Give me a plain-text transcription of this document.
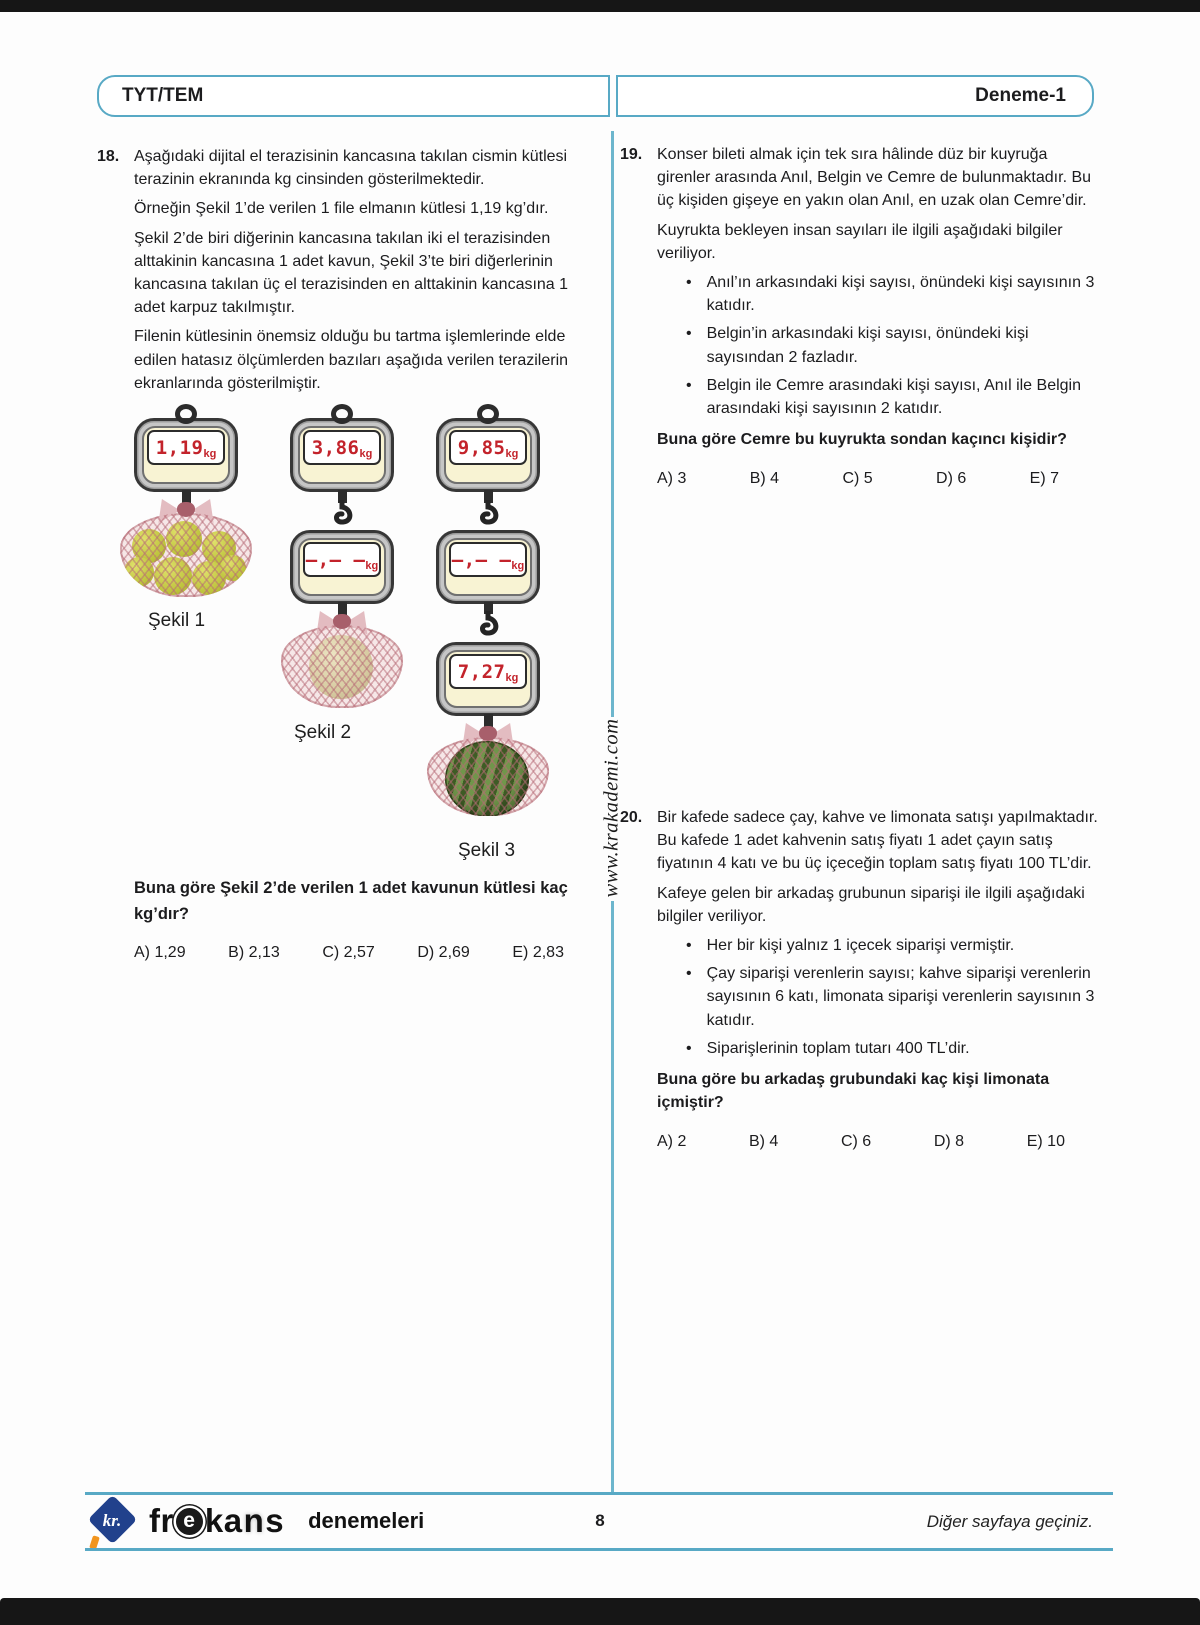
TYT/TEM	Deneme-1
www.krakademi.com
18. Aşağıdaki dijital el terazisinin kancasına takılan cismin kütlesi terazinin ekranında kg cinsinden gösterilmektedir.

Örneğin Şekil 1’de verilen 1 file elmanın kütlesi 1,19 kg’dır.

Şekil 2’de biri diğerinin kancasına takılan iki el terazisinden alttakinin kancasına 1 adet kavun, Şekil 3’te biri diğerlerinin kancasına takılan üç el terazisinden en alttakinin kancasına 1 adet karpuz takılmıştır.

Filenin kütlesinin önemsiz olduğu bu tartma işlemlerinde elde edilen hatasız ölçümlerden bazıları aşağıda verilen terazilerin ekranlarında gösterilmiştir.

1,19 kg
Şekil 1
3,86 kg
–,– – kg
Şekil 2
9,85 kg
–,– – kg
7,27 kg
Şekil 3
Buna göre Şekil 2’de verilen 1 adet kavunun kütlesi kaç kg’dır?
A) 1,29	B) 2,13	C) 2,57	D) 2,69	E) 2,83
19. Konser bileti almak için tek sıra hâlinde düz bir kuyruğa girenler arasında Anıl, Belgin ve Cemre de bulunmaktadır. Bu üç kişiden gişeye en yakın olan Anıl, en uzak olan Cemre’dir.

Kuyrukta bekleyen insan sayıları ile ilgili aşağıdaki bilgiler veriliyor.

• Anıl’ın arkasındaki kişi sayısı, önündeki kişi sayısının 3 katıdır.
• Belgin’in arkasındaki kişi sayısı, önündeki kişi sayısından 2 fazladır.
• Belgin ile Cemre arasındaki kişi sayısı, Anıl ile Belgin arasındaki kişi sayısının 2 katıdır.
Buna göre Cemre bu kuyrukta sondan kaçıncı kişidir?
A) 3	B) 4	C) 5	D) 6	E) 7
20. Bir kafede sadece çay, kahve ve limonata satışı yapılmaktadır. Bu kafede 1 adet kahvenin satış fiyatı 1 adet çayın satış fiyatının 4 katı ve bu üç içeceğin toplam satış fiyatı 100 TL’dir.

Kafeye gelen bir arkadaş grubunun siparişi ile ilgili aşağıdaki bilgiler veriliyor.

• Her bir kişi yalnız 1 içecek siparişi vermiştir.
• Çay siparişi verenlerin sayısı; kahve siparişi verenlerin sayısının 6 katı, limonata siparişi verenlerin sayısının 3 katıdır.
• Siparişlerinin toplam tutarı 400 TL’dir.
Buna göre bu arkadaş grubundaki kaç kişi limonata içmiştir?
A) 2	B) 4	C) 6	D) 8	E) 10
kr. fr e ka n s denemeleri	8	Diğer sayfaya geçiniz.
